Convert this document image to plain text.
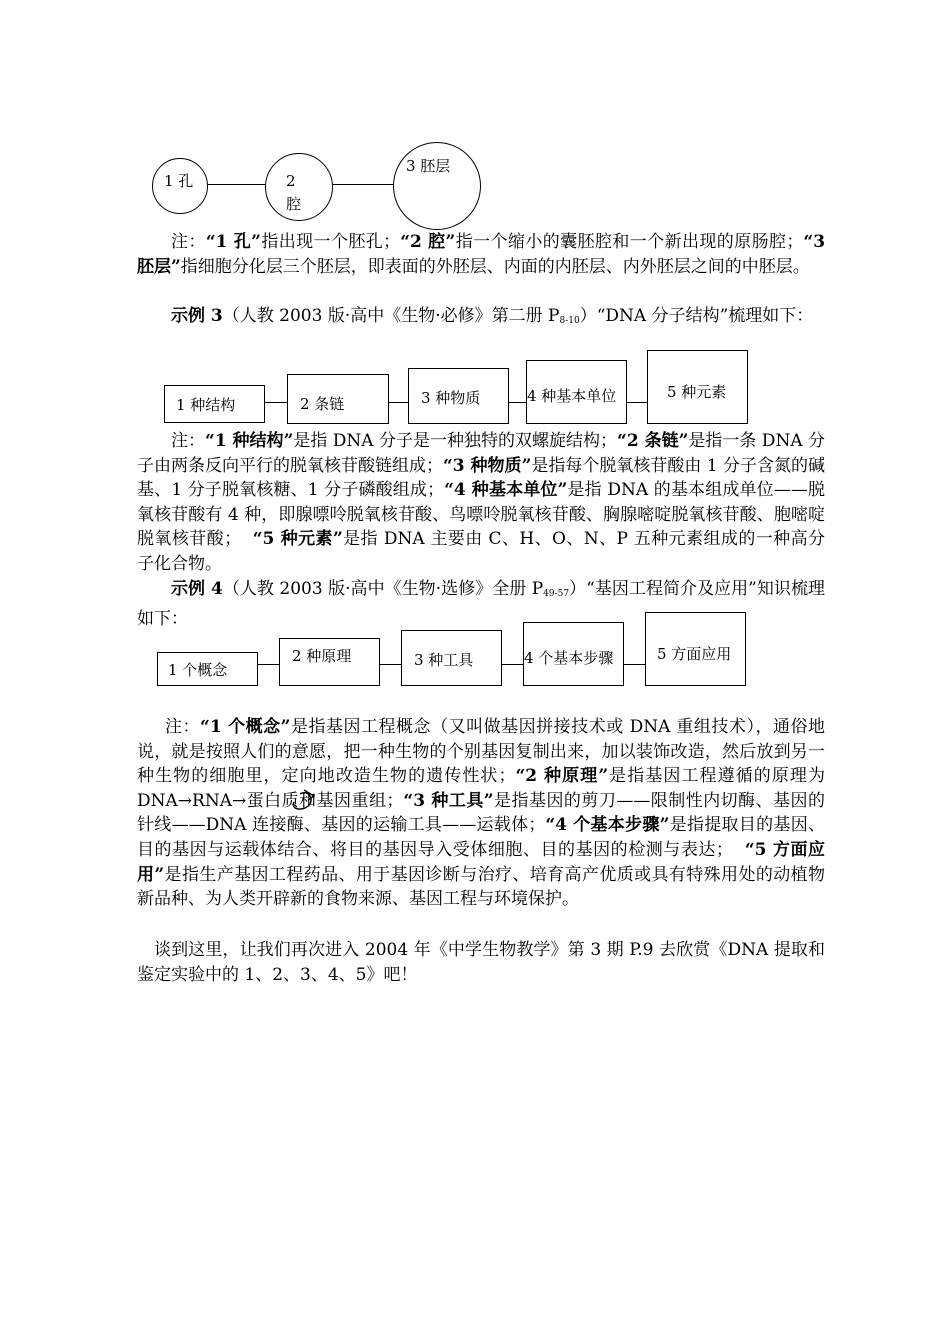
1 孔	2
腔
3 胚层

注：“1 孔”指出现一个胚孔；“2 腔”指一个缩小的囊胚腔和一个新出现的原肠腔；“3 胚层”指细胞分化层三个胚层，即表面的外胚层、内面的内胚层、内外胚层之间的中胚层。

示例 3（人教 2003 版·高中《生物·必修》第二册 $P_{8-10})“DNA$ 分子结构”梳理如下：

1 种结构	2 条链	3 种物质	4 种基本单位	5 种元素

注：“1 种结构”是指 DNA 分子是一种独特的双螺旋结构；“2 条链”是指一条 DNA 分子由两条反向平行的脱氧核苷酸链组成；“3 种物质”是指每个脱氧核苷酸由 1 分子含氮的碱基、1 分子脱氧核糖、1 分子磷酸组成；“4 种基本单位”是指 DNA 的基本组成单位——脱氧核苷酸有 4 种，即腺嘌呤脱氧核苷酸、鸟嘌呤脱氧核苷酸、胸腺嘧啶脱氧核苷酸、胞嘧啶脱氧核苷酸； “5 种元素”是指 DNA 主要由 C、H、O、N、P 五种元素组成的一种高分子化合物。

示例 4（人教 2003 版·高中《生物·选修》全册 $P_{49-57})“$基因工程简介及应用”知识梳理如下：

1 个概念
2 种原理	3 种工具	4 个基本步骤	5 方面应用

注：“1 个概念”是指基因工程概念（又叫做基因拼接技术或 DNA 重组技术），通俗地说，就是按照人们的意愿，把一种生物的个别基因复制出来，加以装饰改造，然后放到另一种生物的细胞里，定向地改造生物的遗传性状；“2 种原理”是指基因工程遵循的原理为DNA→RNA→蛋白质和基因重组；“3 种工具”是指基因的剪刀——限制性内切酶、基因的针线——DNA 连接酶、基因的运输工具——运载体；“4 个基本步骤”是指提取目的基因、目的基因与运载体结合、将目的基因导入受体细胞、目的基因的检测与表达； “5 方面应用”是指生产基因工程药品、用于基因诊断与治疗、培育高产优质或具有特殊用处的动植物新品种、为人类开辟新的食物来源、基因工程与环境保护。

谈到这里，让我们再次进入 2004 年《中学生物教学》第 3 期 P.9 去欣赏《DNA 提取和鉴定实验中的 1、2、3、4、5》吧！
